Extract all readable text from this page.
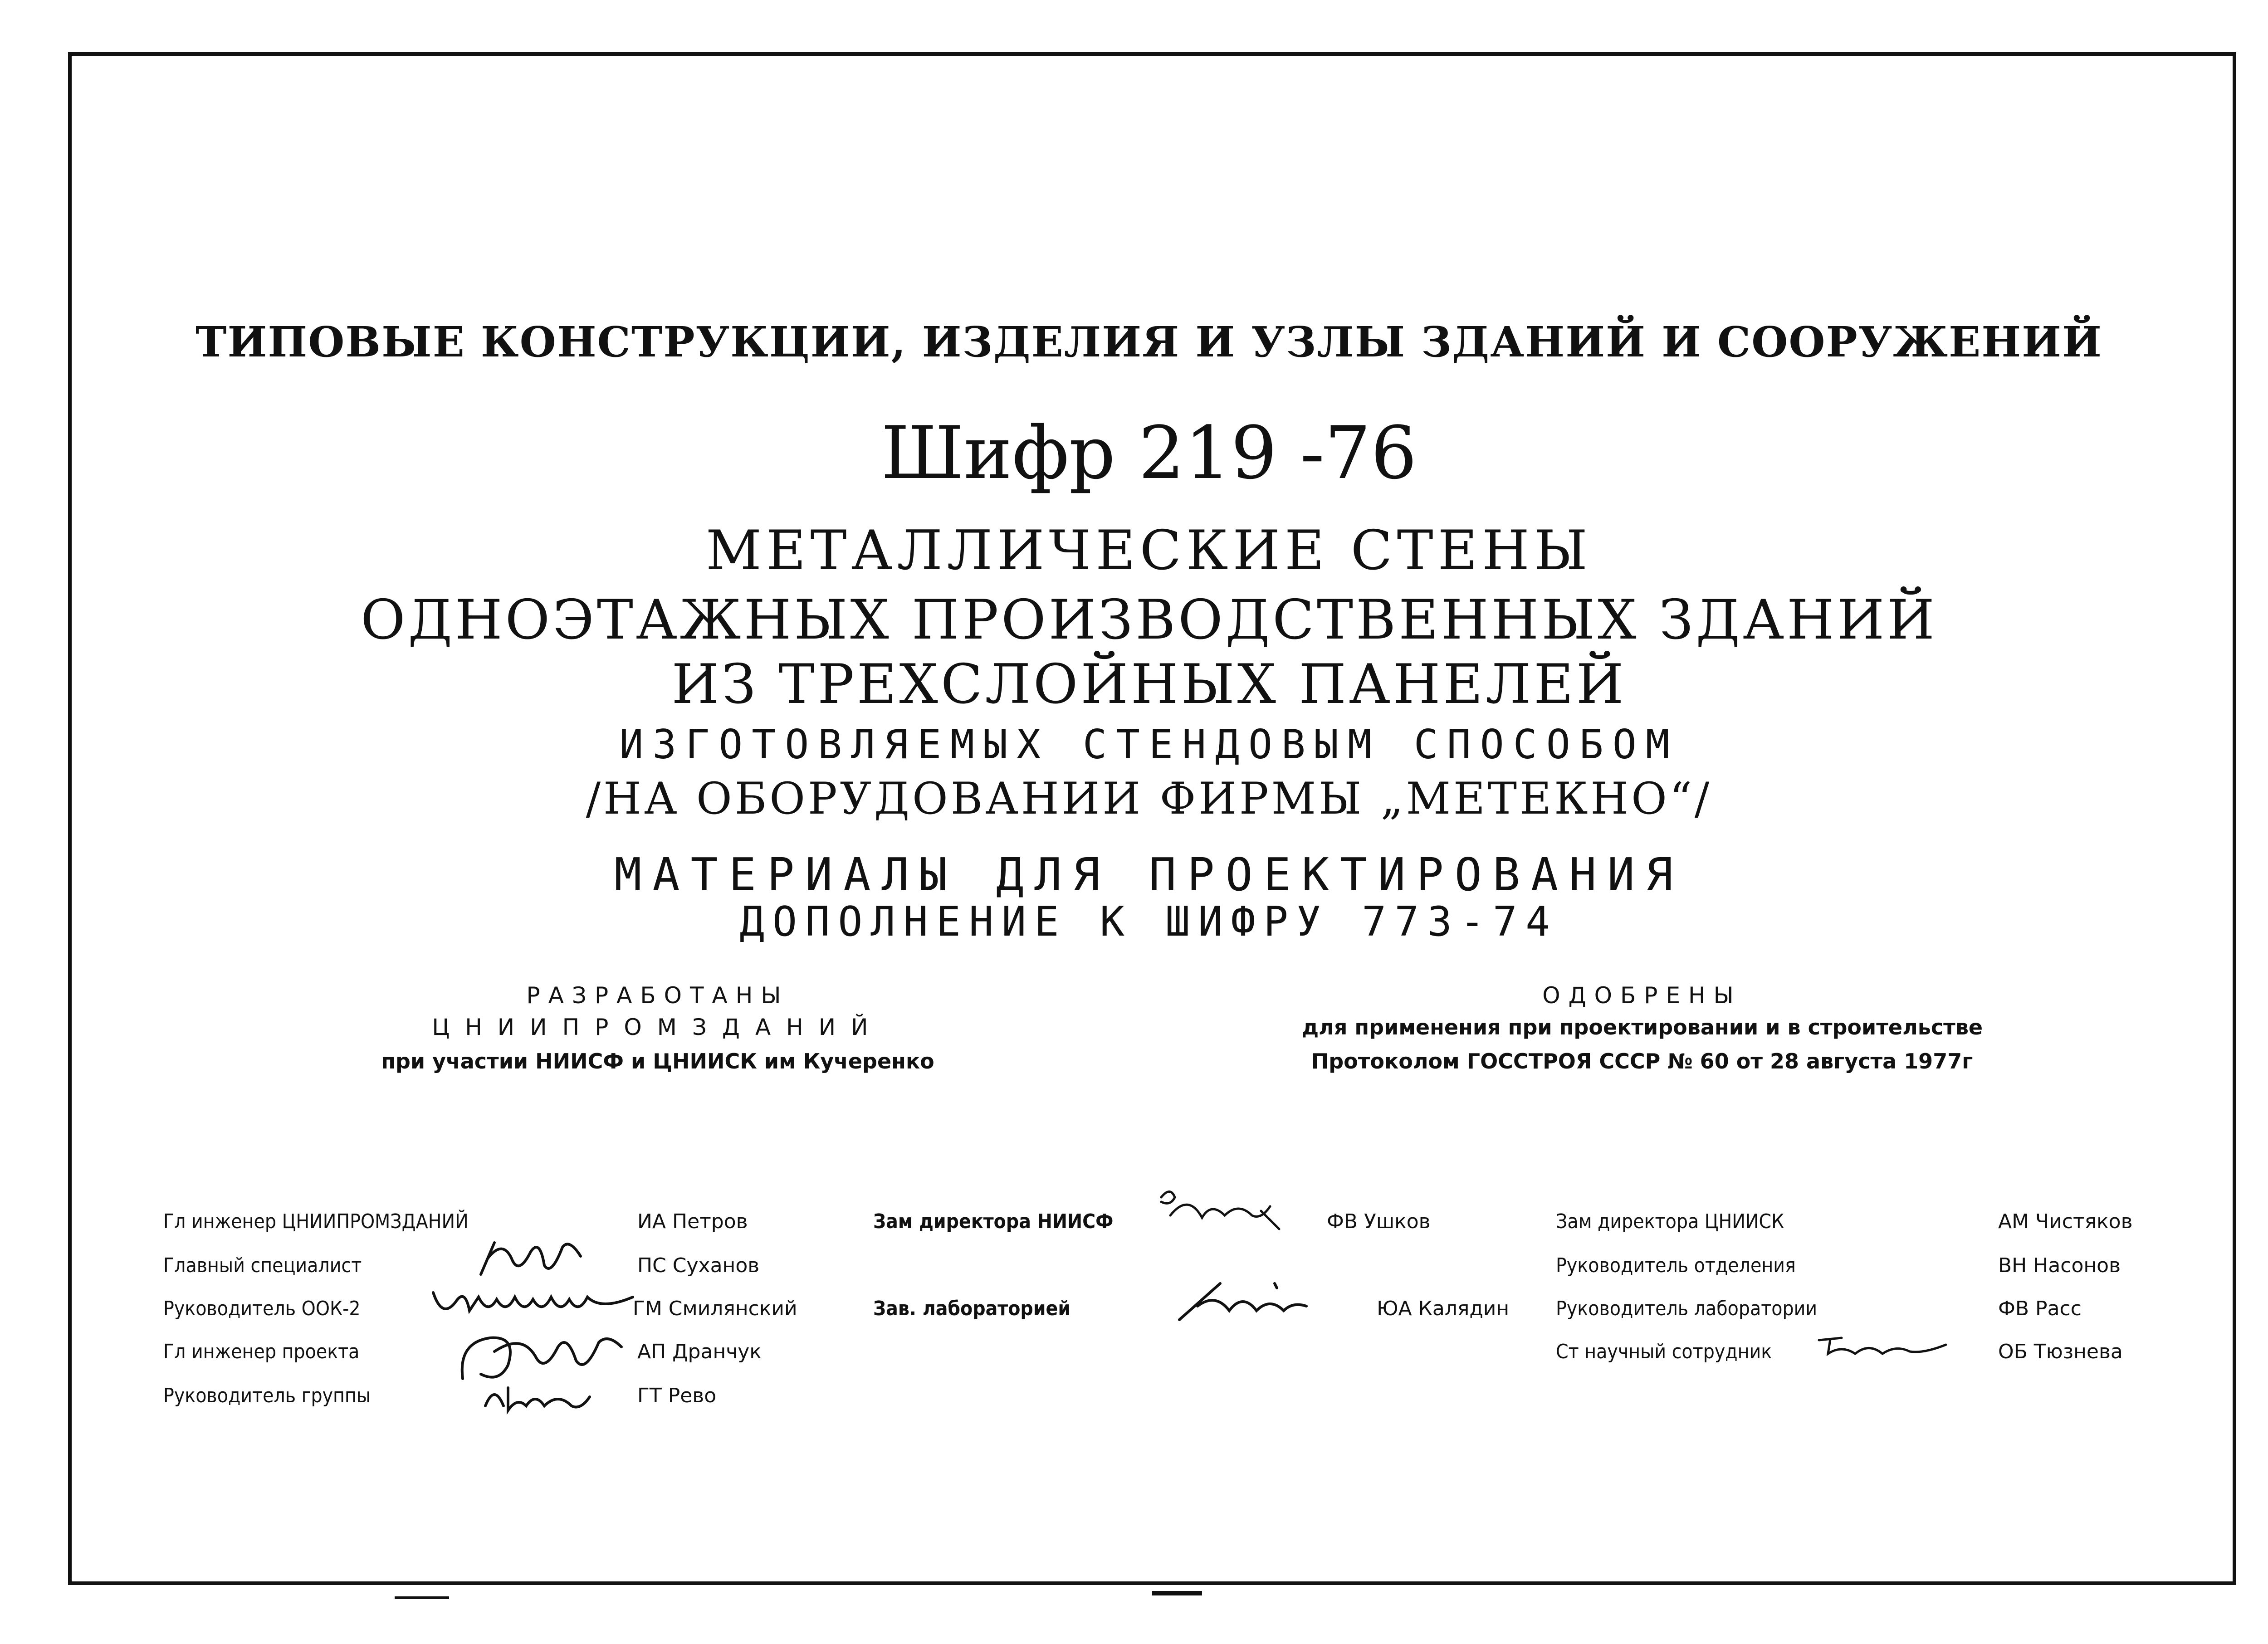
ТИПОВЫЕ КОНСТРУКЦИИ, ИЗДЕЛИЯ И УЗЛЫ ЗДАНИЙ И СООРУЖЕНИЙ
Шифр 219 -76
МЕТАЛЛИЧЕСКИЕ СТЕНЫ
ОДНОЭТАЖНЫХ ПРОИЗВОДСТВЕННЫХ ЗДАНИЙ
ИЗ ТРЕХСЛОЙНЫХ ПАНЕЛЕЙ
ИЗГОТОВЛЯЕМЫХ СТЕНДОВЫМ СПОСОБОМ
/НА ОБОРУДОВАНИИ ФИРМЫ „МЕТЕКНО“/
МАТЕРИАЛЫ ДЛЯ ПРОЕКТИРОВАНИЯ
ДОПОЛНЕНИЕ К ШИФРУ 773-74
РАЗРАБОТАНЫ
ЦНИИПРОМЗДАНИЙ
при участии НИИСФ и ЦНИИСК им Кучеренко
ОДОБРЕНЫ
для применения при проектировании и в строительстве
Протоколом ГОССТРОЯ СССР № 60 от 28 августа 1977г
Гл инженер ЦНИИПРОМЗДАНИЙ	ИА Петров
Главный специалист	ПС Суханов
Руководитель ООК-2	ГМ Смилянский
Гл инженер проекта	АП Дранчук
Руководитель группы	ГТ Рево
Зам директора НИИСФ	ФВ Ушков
Зав. лабораторией	ЮА Калядин
Зам директора ЦНИИСК	АМ Чистяков
Руководитель отделения	ВН Насонов
Руководитель лаборатории	ФВ Расс
Ст научный сотрудник	ОБ Тюзнева
